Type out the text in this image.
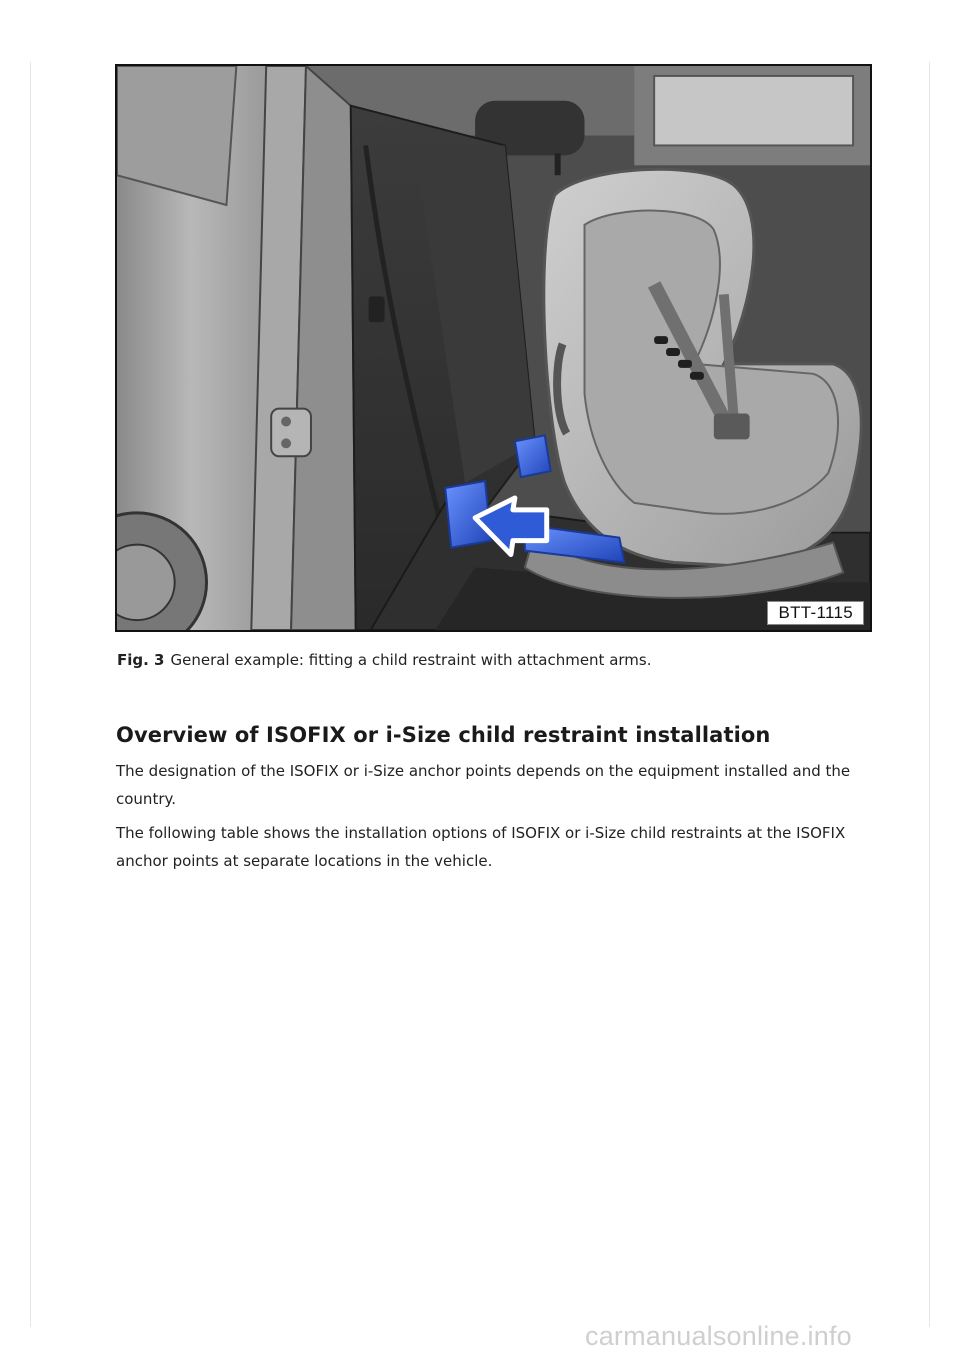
BTT-1115
Fig. 3 General example: fitting a child restraint with attachment arms.
Overview of ISOFIX or i-Size child restraint installation

The designation of the ISOFIX or i-Size anchor points depends on the equipment installed and the country.

The following table shows the installation options of ISOFIX or i-Size child restraints at the ISOFIX anchor points at separate locations in the vehicle.

carmanualsonline.info
